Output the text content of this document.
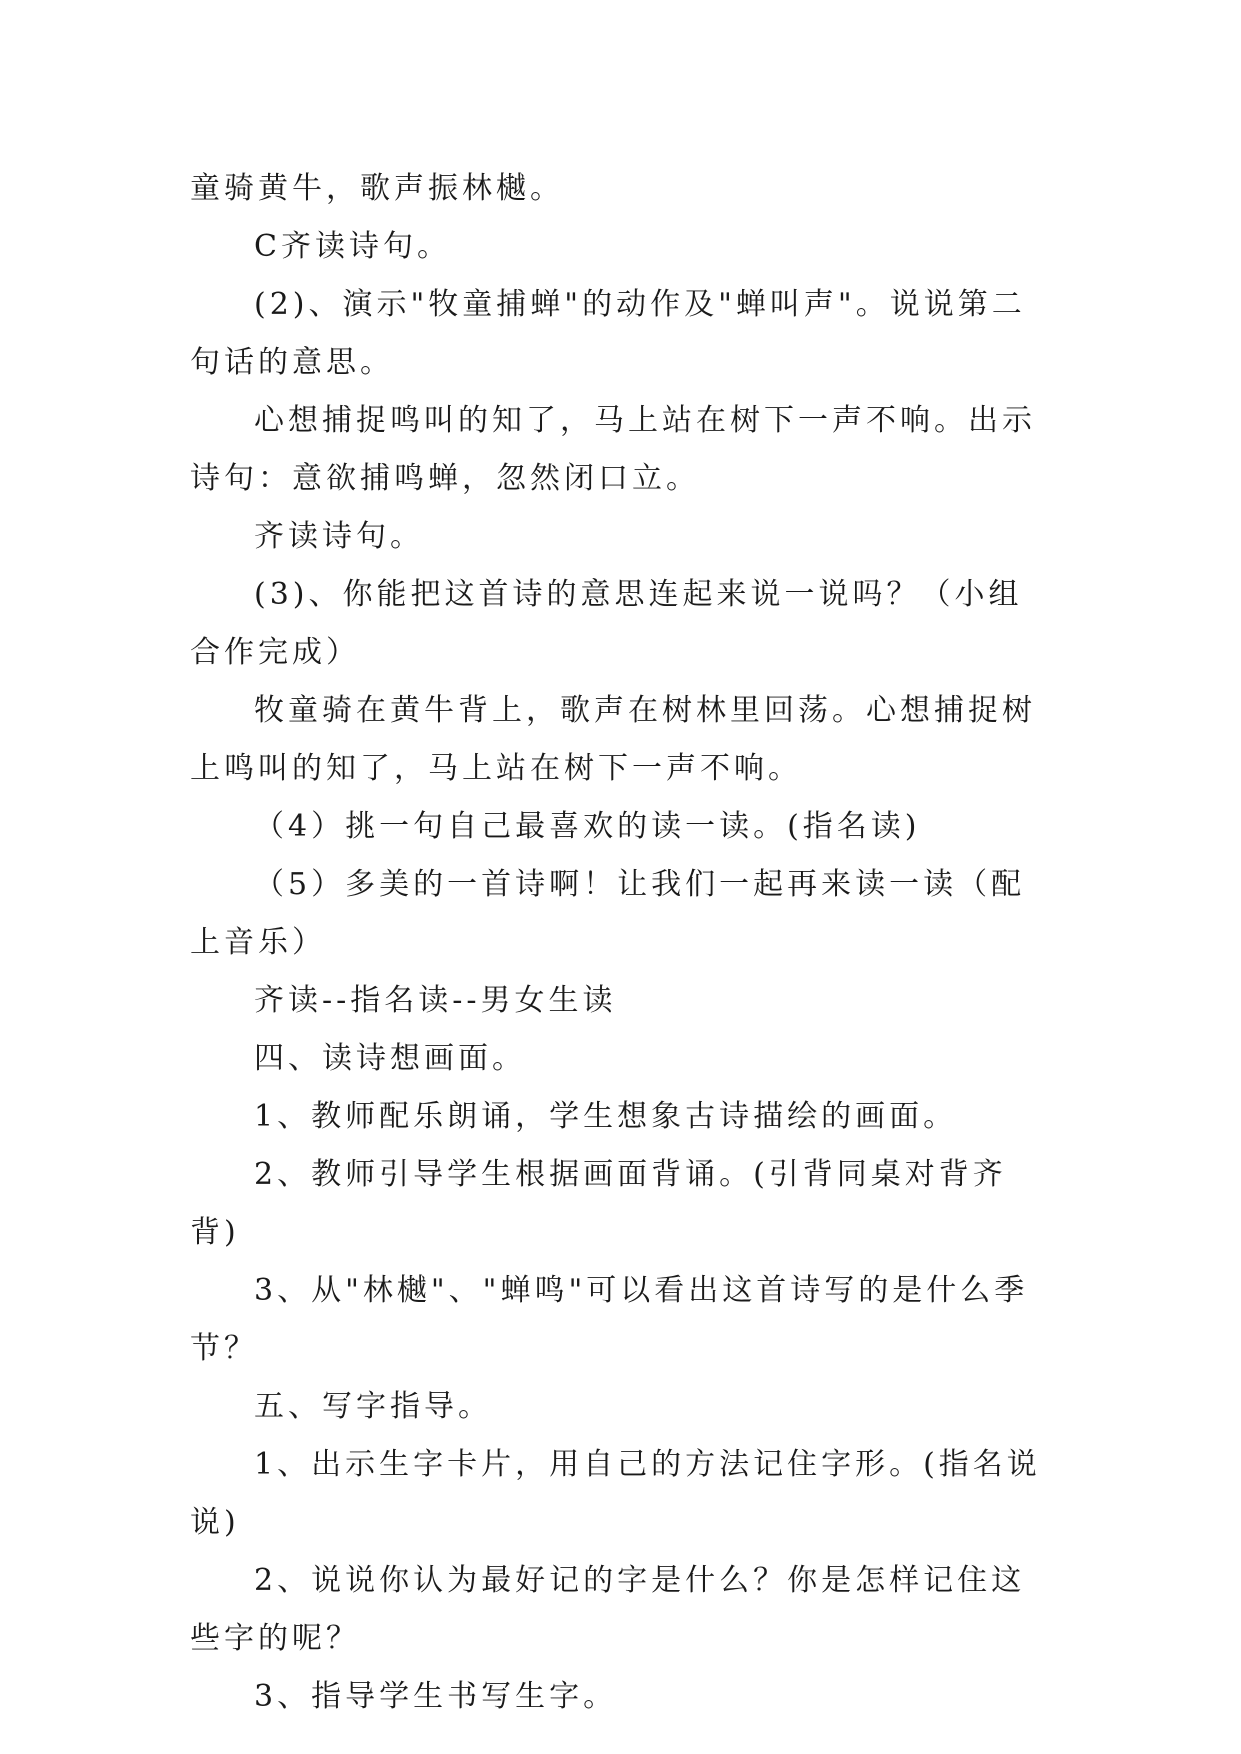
童骑黄牛，歌声振林樾。

C齐读诗句。

(2)、演示"牧童捕蝉"的动作及"蝉叫声"。说说第二句话的意思。

心想捕捉鸣叫的知了，马上站在树下一声不响。出示诗句：意欲捕鸣蝉，忽然闭口立。

齐读诗句。

(3)、你能把这首诗的意思连起来说一说吗？（小组合作完成）

牧童骑在黄牛背上，歌声在树林里回荡。心想捕捉树上鸣叫的知了，马上站在树下一声不响。

（4）挑一句自己最喜欢的读一读。(指名读)

（5）多美的一首诗啊！让我们一起再来读一读（配上音乐）

齐读--指名读--男女生读

四、读诗想画面。

1、教师配乐朗诵，学生想象古诗描绘的画面。

2、教师引导学生根据画面背诵。(引背同桌对背齐背)

3、从"林樾"、"蝉鸣"可以看出这首诗写的是什么季节？

五、写字指导。

1、出示生字卡片，用自己的方法记住字形。(指名说说)

2、说说你认为最好记的字是什么？你是怎样记住这些字的呢？

3、指导学生书写生字。
